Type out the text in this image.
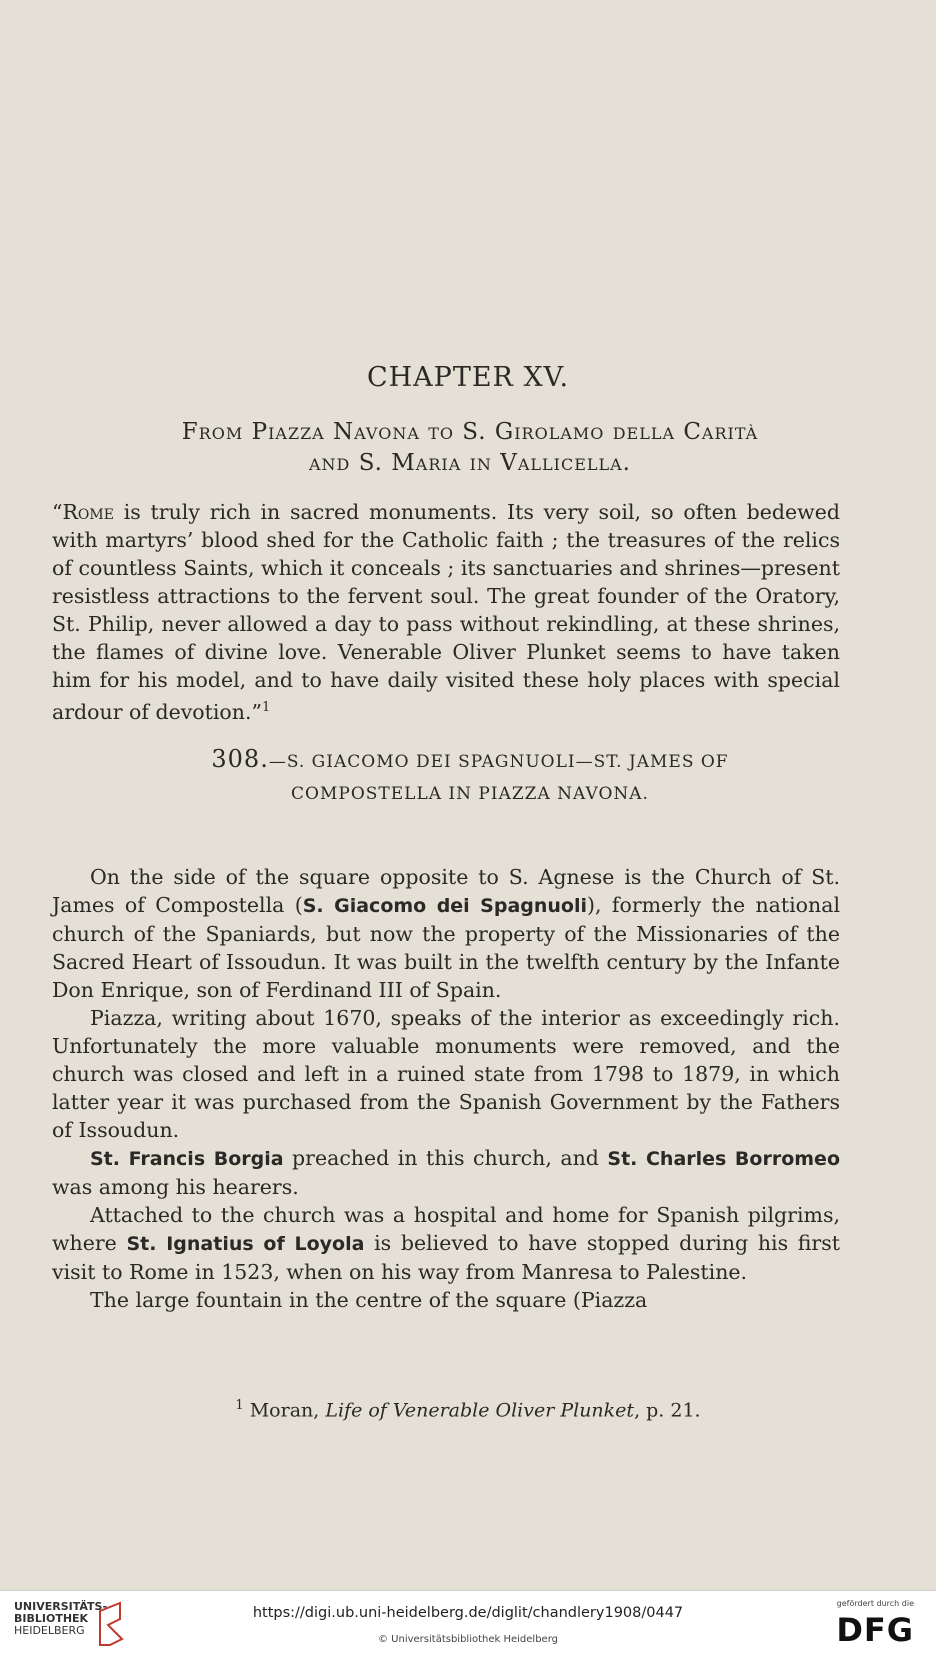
CHAPTER XV.
From Piazza Navona to S. Girolamo della Carità
and S. Maria in Vallicella.
“Rome is truly rich in sacred monuments. Its very soil, so often bedewed with martyrs’ blood shed for the Catholic faith ; the treasures of the relics of countless Saints, which it conceals ; its sanctuaries and shrines—present resistless attractions to the fervent soul. The great founder of the Oratory, St. Philip, never allowed a day to pass without rekindling, at these shrines, the flames of divine love. Venerable Oliver Plunket seems to have taken him for his model, and to have daily visited these holy places with special ardour of devotion.”$^1$
308.—S. GIACOMO DEI SPAGNUOLI—ST. JAMES OF
COMPOSTELLA IN PIAZZA NAVONA.

On the side of the square opposite to S. Agnese is the Church of St. James of Compostella (S. Giacomo dei Spagnuoli), formerly the national church of the Spaniards, but now the property of the Missionaries of the Sacred Heart of Issoudun. It was built in the twelfth century by the Infante Don Enrique, son of Ferdinand III of Spain.

Piazza, writing about 1670, speaks of the interior as exceedingly rich. Unfortunately the more valuable monuments were removed, and the church was closed and left in a ruined state from 1798 to 1879, in which latter year it was purchased from the Spanish Government by the Fathers of Issoudun.

St. Francis Borgia preached in this church, and St. Charles Borromeo was among his hearers.

Attached to the church was a hospital and home for Spanish pilgrims, where St. Ignatius of Loyola is believed to have stopped during his first visit to Rome in 1523, when on his way from Manresa to Palestine.

The large fountain in the centre of the square (Piazza

$^1$ Moran, Life of Venerable Oliver Plunket, p. 21.
UNIVERSITÄTS-
BIBLIOTHEK
HEIDELBERG
https://digi.ub.uni-heidelberg.de/diglit/chandlery1908/0447
© Universitätsbibliothek Heidelberg
gefördert durch die
DFG
